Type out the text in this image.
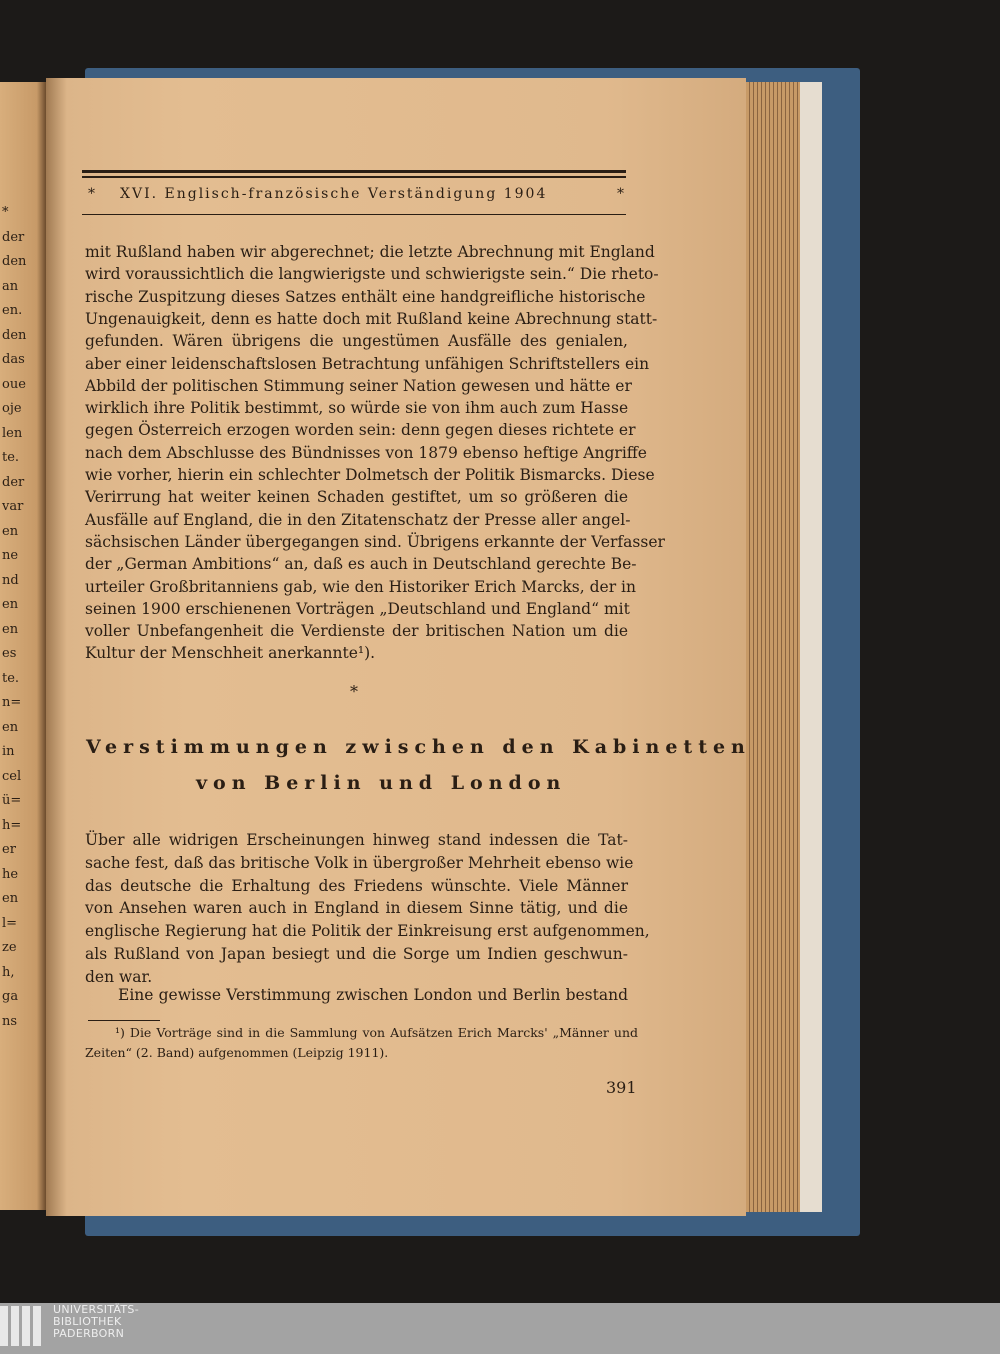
* XVI. Englisch-französische Verständigung 1904	*
mit Rußland haben wir abgerechnet; die letzte Abrechnung mit England
wird voraussichtlich die langwierigste und schwierigste sein.“ Die rheto-
rische Zuspitzung dieses Satzes enthält eine handgreifliche historische
Ungenauigkeit, denn es hatte doch mit Rußland keine Abrechnung statt-
gefunden. Wären übrigens die ungestümen Ausfälle des genialen,
aber einer leidenschaftslosen Betrachtung unfähigen Schriftstellers ein
Abbild der politischen Stimmung seiner Nation gewesen und hätte er
wirklich ihre Politik bestimmt, so würde sie von ihm auch zum Hasse
gegen Österreich erzogen worden sein: denn gegen dieses richtete er
nach dem Abschlusse des Bündnisses von 1879 ebenso heftige Angriffe
wie vorher, hierin ein schlechter Dolmetsch der Politik Bismarcks. Diese
Verirrung hat weiter keinen Schaden gestiftet, um so größeren die
Ausfälle auf England, die in den Zitatenschatz der Presse aller angel-
sächsischen Länder übergegangen sind. Übrigens erkannte der Verfasser
der „German Ambitions“ an, daß es auch in Deutschland gerechte Be-
urteiler Großbritanniens gab, wie den Historiker Erich Marcks, der in
seinen 1900 erschienenen Vorträgen „Deutschland und England“ mit
voller Unbefangenheit die Verdienste der britischen Nation um die
Kultur der Menschheit anerkannte¹).
*
Verstimmungen zwischen den Kabinetten
von Berlin und London
Über alle widrigen Erscheinungen hinweg stand indessen die Tat-
sache fest, daß das britische Volk in übergroßer Mehrheit ebenso wie
das deutsche die Erhaltung des Friedens wünschte. Viele Männer
von Ansehen waren auch in England in diesem Sinne tätig, und die
englische Regierung hat die Politik der Einkreisung erst aufgenommen,
als Rußland von Japan besiegt und die Sorge um Indien geschwun-
den war.
Eine gewisse Verstimmung zwischen London und Berlin bestand
¹) Die Vorträge sind in die Sammlung von Aufsätzen Erich Marcks' „Männer und
Zeiten“ (2. Band) aufgenommen (Leipzig 1911).
391
UNIVERSITÄTS-
BIBLIOTHEK
PADERBORN
*
der
den
an
en.
den
das
oue
oje
len
te.
der
var
en
ne
nd
en
en
es
te.
n=
en
in
cel
ü=
h=
er
he
en
l=
ze
h,
ga
ns
